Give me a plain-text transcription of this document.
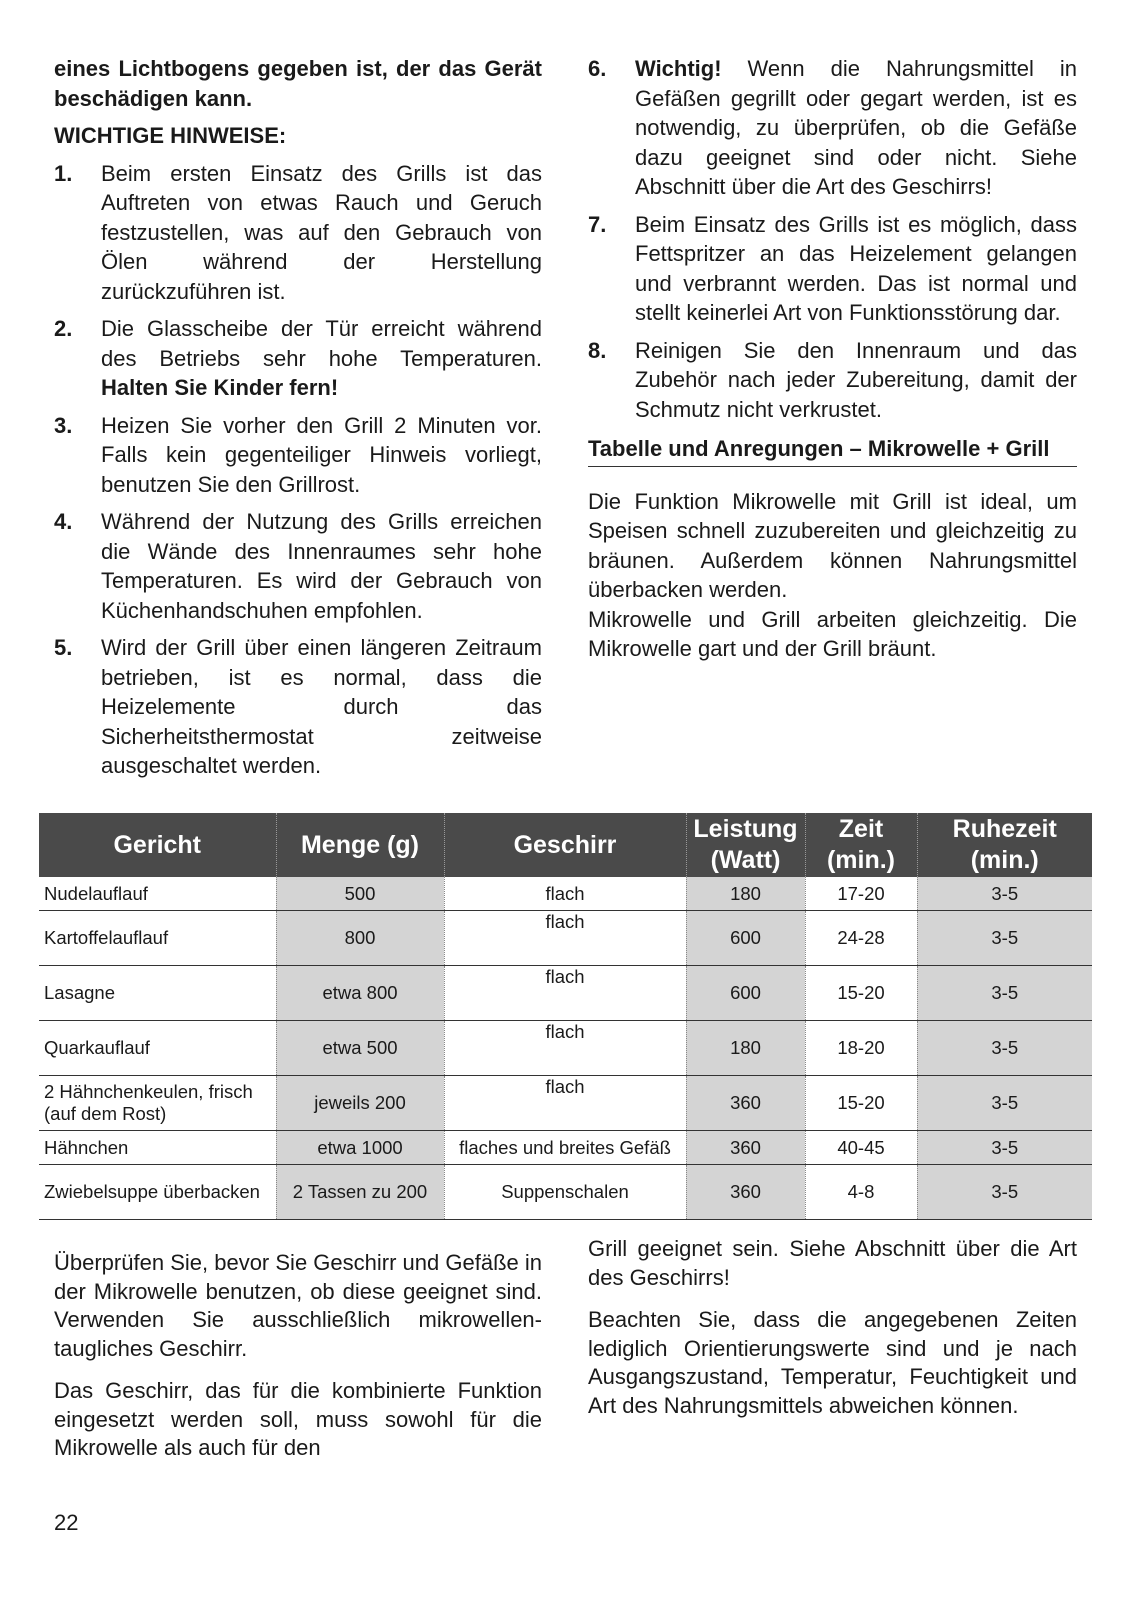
eines Lichtbogens gegeben ist, der das Gerät beschädigen kann.

WICHTIGE HINWEISE:

1. Beim ersten Einsatz des Grills ist das Auftreten von etwas Rauch und Geruch festzustellen, was auf den Gebrauch von Ölen während der Herstellung zurückzuführen ist.
2. Die Glasscheibe der Tür erreicht während des Betriebs sehr hohe Temperaturen. Halten Sie Kinder fern!
3. Heizen Sie vorher den Grill 2 Minuten vor. Falls kein gegenteiliger Hinweis vorliegt, benutzen Sie den Grillrost.
4. Während der Nutzung des Grills erreichen die Wände des Innenraumes sehr hohe Temperaturen. Es wird der Gebrauch von Küchenhandschuhen empfohlen.
5. Wird der Grill über einen längeren Zeitraum betrieben, ist es normal, dass die Heizelemente durch das Sicherheitsthermostat zeitweise ausgeschaltet werden.
6. Wichtig! Wenn die Nahrungsmittel in Gefäßen gegrillt oder gegart werden, ist es notwendig, zu überprüfen, ob die Gefäße dazu geeignet sind oder nicht. Siehe Abschnitt über die Art des Geschirrs!
7. Beim Einsatz des Grills ist es möglich, dass Fettspritzer an das Heizelement gelangen und verbrannt werden. Das ist normal und stellt keinerlei Art von Funktionsstörung dar.
8. Reinigen Sie den Innenraum und das Zubehör nach jeder Zubereitung, damit der Schmutz nicht verkrustet.

Tabelle und Anregungen – Mikrowelle + Grill

Die Funktion Mikrowelle mit Grill ist ideal, um Speisen schnell zuzubereiten und gleichzeitig zu bräunen. Außerdem können Nahrungsmittel überbacken werden.

Mikrowelle und Grill arbeiten gleichzeitig. Die Mikrowelle gart und der Grill bräunt.

Gericht	Menge (g)	Geschirr	Leistung (Watt)	Zeit (min.)	Ruhezeit (min.)
Nudelauflauf	500	flach	180	17-20	3-5
Kartoffelauflauf	800	flach	600	24-28	3-5
Lasagne	etwa 800	flach	600	15-20	3-5
Quarkauflauf	etwa 500	flach	180	18-20	3-5
2 Hähnchenkeulen, frisch (auf dem Rost)	jeweils 200	flach	360	15-20	3-5
Hähnchen	etwa 1000	flaches und breites Gefäß	360	40-45	3-5
Zwiebelsuppe überbacken	2 Tassen zu 200	Suppenschalen	360	4-8	3-5

Überprüfen Sie, bevor Sie Geschirr und Gefäße in der Mikrowelle benutzen, ob diese geeignet sind. Verwenden Sie ausschließlich mikrowellen-taugliches Geschirr.

Das Geschirr, das für die kombinierte Funktion eingesetzt werden soll, muss sowohl für die Mikrowelle als auch für den

Grill geeignet sein. Siehe Abschnitt über die Art des Geschirrs!

Beachten Sie, dass die angegebenen Zeiten lediglich Orientierungswerte sind und je nach Ausgangszustand, Temperatur, Feuchtigkeit und Art des Nahrungsmittels abweichen können.

22
